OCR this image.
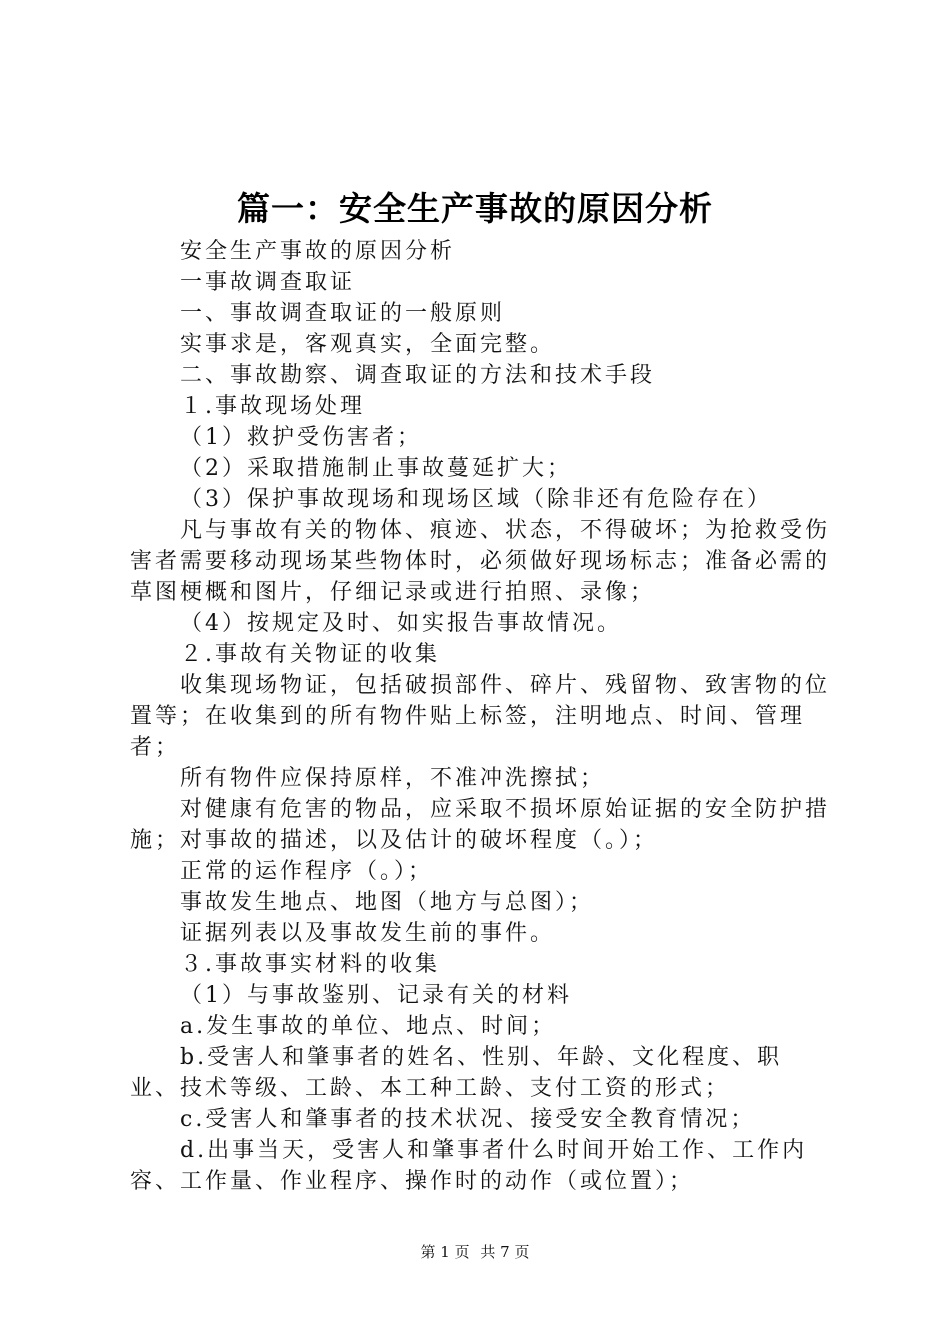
篇一：安全生产事故的原因分析

安全生产事故的原因分析

一事故调查取证

一、事故调查取证的一般原则

实事求是，客观真实，全面完整。

二、事故勘察、调查取证的方法和技术手段

１.事故现场处理

（1）救护受伤害者；

（2）采取措施制止事故蔓延扩大；

（3）保护事故现场和现场区域（除非还有危险存在）

凡与事故有关的物体、痕迹、状态，不得破坏；为抢救受伤害者需要移动现场某些物体时，必须做好现场标志；准备必需的草图梗概和图片，仔细记录或进行拍照、录像；

（4）按规定及时、如实报告事故情况。

２.事故有关物证的收集

收集现场物证，包括破损部件、碎片、残留物、致害物的位置等；在收集到的所有物件贴上标签，注明地点、时间、管理者；

所有物件应保持原样，不准冲洗擦拭；

对健康有危害的物品，应采取不损坏原始证据的安全防护措施；对事故的描述，以及估计的破坏程度（。）；

正常的运作程序（。）；

事故发生地点、地图（地方与总图）；

证据列表以及事故发生前的事件。

３.事故事实材料的收集

（1）与事故鉴别、记录有关的材料

a.发生事故的单位、地点、时间；

b.受害人和肇事者的姓名、性别、年龄、文化程度、职业、技术等级、工龄、本工种工龄、支付工资的形式；

c.受害人和肇事者的技术状况、接受安全教育情况；

d.出事当天，受害人和肇事者什么时间开始工作、工作内容、工作量、作业程序、操作时的动作（或位置）；

第 1 页 共 7 页
